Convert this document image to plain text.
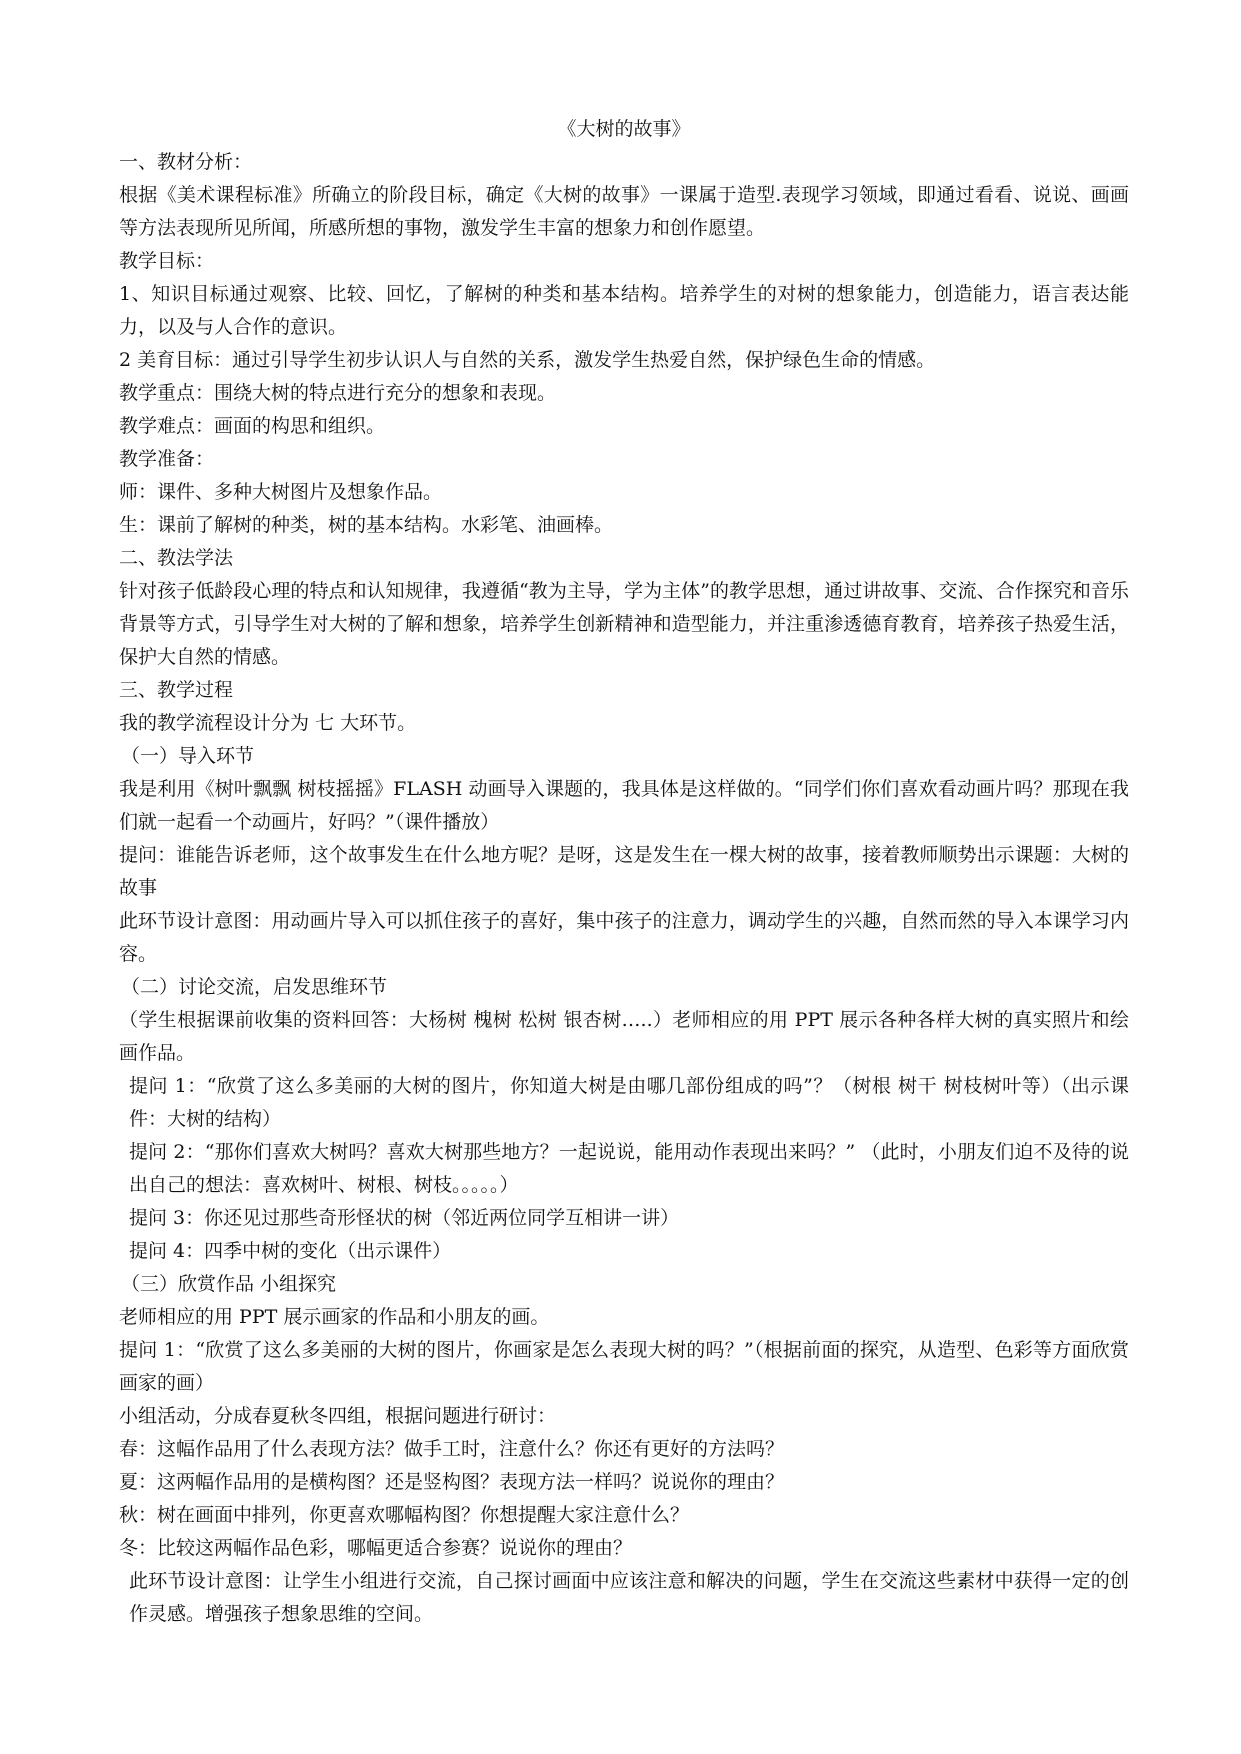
《大树的故事》

一、教材分析：

根据《美术课程标准》所确立的阶段目标，确定《大树的故事》一课属于造型.表现学习领域，即通过看看、说说、画画等方法表现所见所闻，所感所想的事物，激发学生丰富的想象力和创作愿望。

教学目标：

1、知识目标通过观察、比较、回忆，了解树的种类和基本结构。培养学生的对树的想象能力，创造能力，语言表达能力，以及与人合作的意识。

2 美育目标：通过引导学生初步认识人与自然的关系，激发学生热爱自然，保护绿色生命的情感。

教学重点：围绕大树的特点进行充分的想象和表现。

教学难点：画面的构思和组织。

教学准备：

师：课件、多种大树图片及想象作品。

生：课前了解树的种类，树的基本结构。水彩笔、油画棒。

二、教法学法

针对孩子低龄段心理的特点和认知规律，我遵循“教为主导，学为主体”的教学思想，通过讲故事、交流、合作探究和音乐背景等方式，引导学生对大树的了解和想象，培养学生创新精神和造型能力，并注重渗透德育教育，培养孩子热爱生活，保护大自然的情感。

三、教学过程

我的教学流程设计分为 七 大环节。

（一）导入环节

我是利用《树叶飘飘 树枝摇摇》FLASH 动画导入课题的，我具体是这样做的。“同学们你们喜欢看动画片吗？那现在我们就一起看一个动画片，好吗？”（课件播放）

提问：谁能告诉老师，这个故事发生在什么地方呢？是呀，这是发生在一棵大树的故事，接着教师顺势出示课题：大树的故事

此环节设计意图：用动画片导入可以抓住孩子的喜好，集中孩子的注意力，调动学生的兴趣，自然而然的导入本课学习内容。

（二）讨论交流，启发思维环节

（学生根据课前收集的资料回答：大杨树 槐树 松树 银杏树…..）老师相应的用 PPT 展示各种各样大树的真实照片和绘画作品。

提问 1：“欣赏了这么多美丽的大树的图片，你知道大树是由哪几部份组成的吗”？（树根 树干 树枝树叶等）（出示课件：大树的结构）

提问 2：“那你们喜欢大树吗？喜欢大树那些地方？一起说说，能用动作表现出来吗？” （此时，小朋友们迫不及待的说出自己的想法：喜欢树叶、树根、树枝。。。。。）

提问 3：你还见过那些奇形怪状的树（邻近两位同学互相讲一讲）

提问 4：四季中树的变化（出示课件）

（三）欣赏作品 小组探究

老师相应的用 PPT 展示画家的作品和小朋友的画。

提问 1：“欣赏了这么多美丽的大树的图片，你画家是怎么表现大树的吗？”（根据前面的探究，从造型、色彩等方面欣赏画家的画）

小组活动，分成春夏秋冬四组，根据问题进行研讨：

春：这幅作品用了什么表现方法？做手工时，注意什么？你还有更好的方法吗？

夏：这两幅作品用的是横构图？还是竖构图？表现方法一样吗？说说你的理由？

秋：树在画面中排列，你更喜欢哪幅构图？你想提醒大家注意什么？

冬：比较这两幅作品色彩，哪幅更适合参赛？说说你的理由？

此环节设计意图：让学生小组进行交流，自己探讨画面中应该注意和解决的问题，学生在交流这些素材中获得一定的创作灵感。增强孩子想象思维的空间。
